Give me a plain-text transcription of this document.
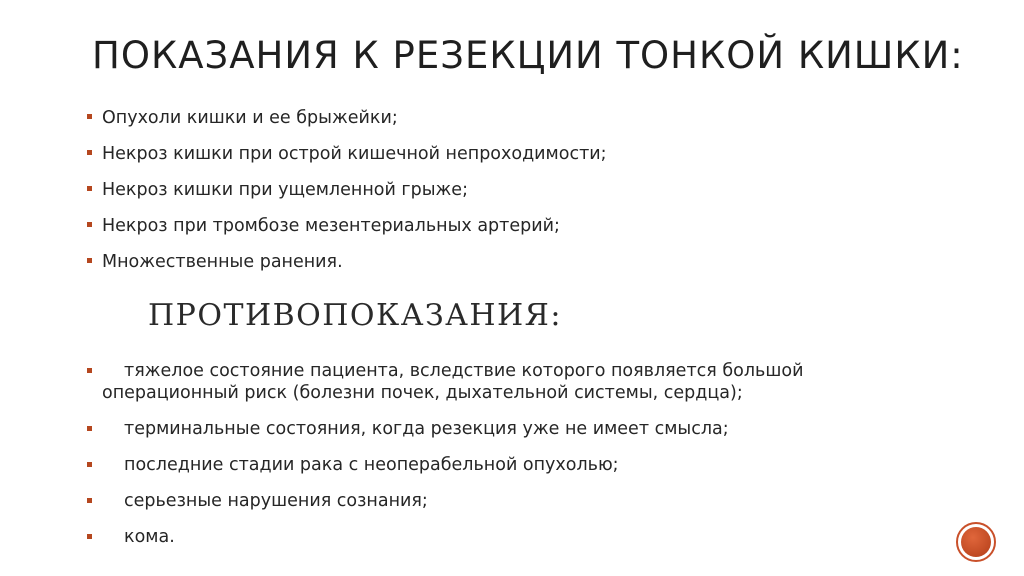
ПОКАЗАНИЯ К РЕЗЕКЦИИ ТОНКОЙ КИШКИ:
Опухоли кишки и ее брыжейки;
Некроз кишки при острой кишечной непроходимости;
Некроз кишки при ущемленной грыже;
Некроз при тромбозе мезентериальных артерий;
Множественные ранения.
ПРОТИВОПОКАЗАНИЯ:
тяжелое состояние пациента, вследствие которого появляется большой операционный риск (болезни почек, дыхательной системы, сердца);
терминальные состояния, когда резекция уже не имеет смысла;
последние стадии рака с неоперабельной опухолью;
серьезные нарушения сознания;
кома.
